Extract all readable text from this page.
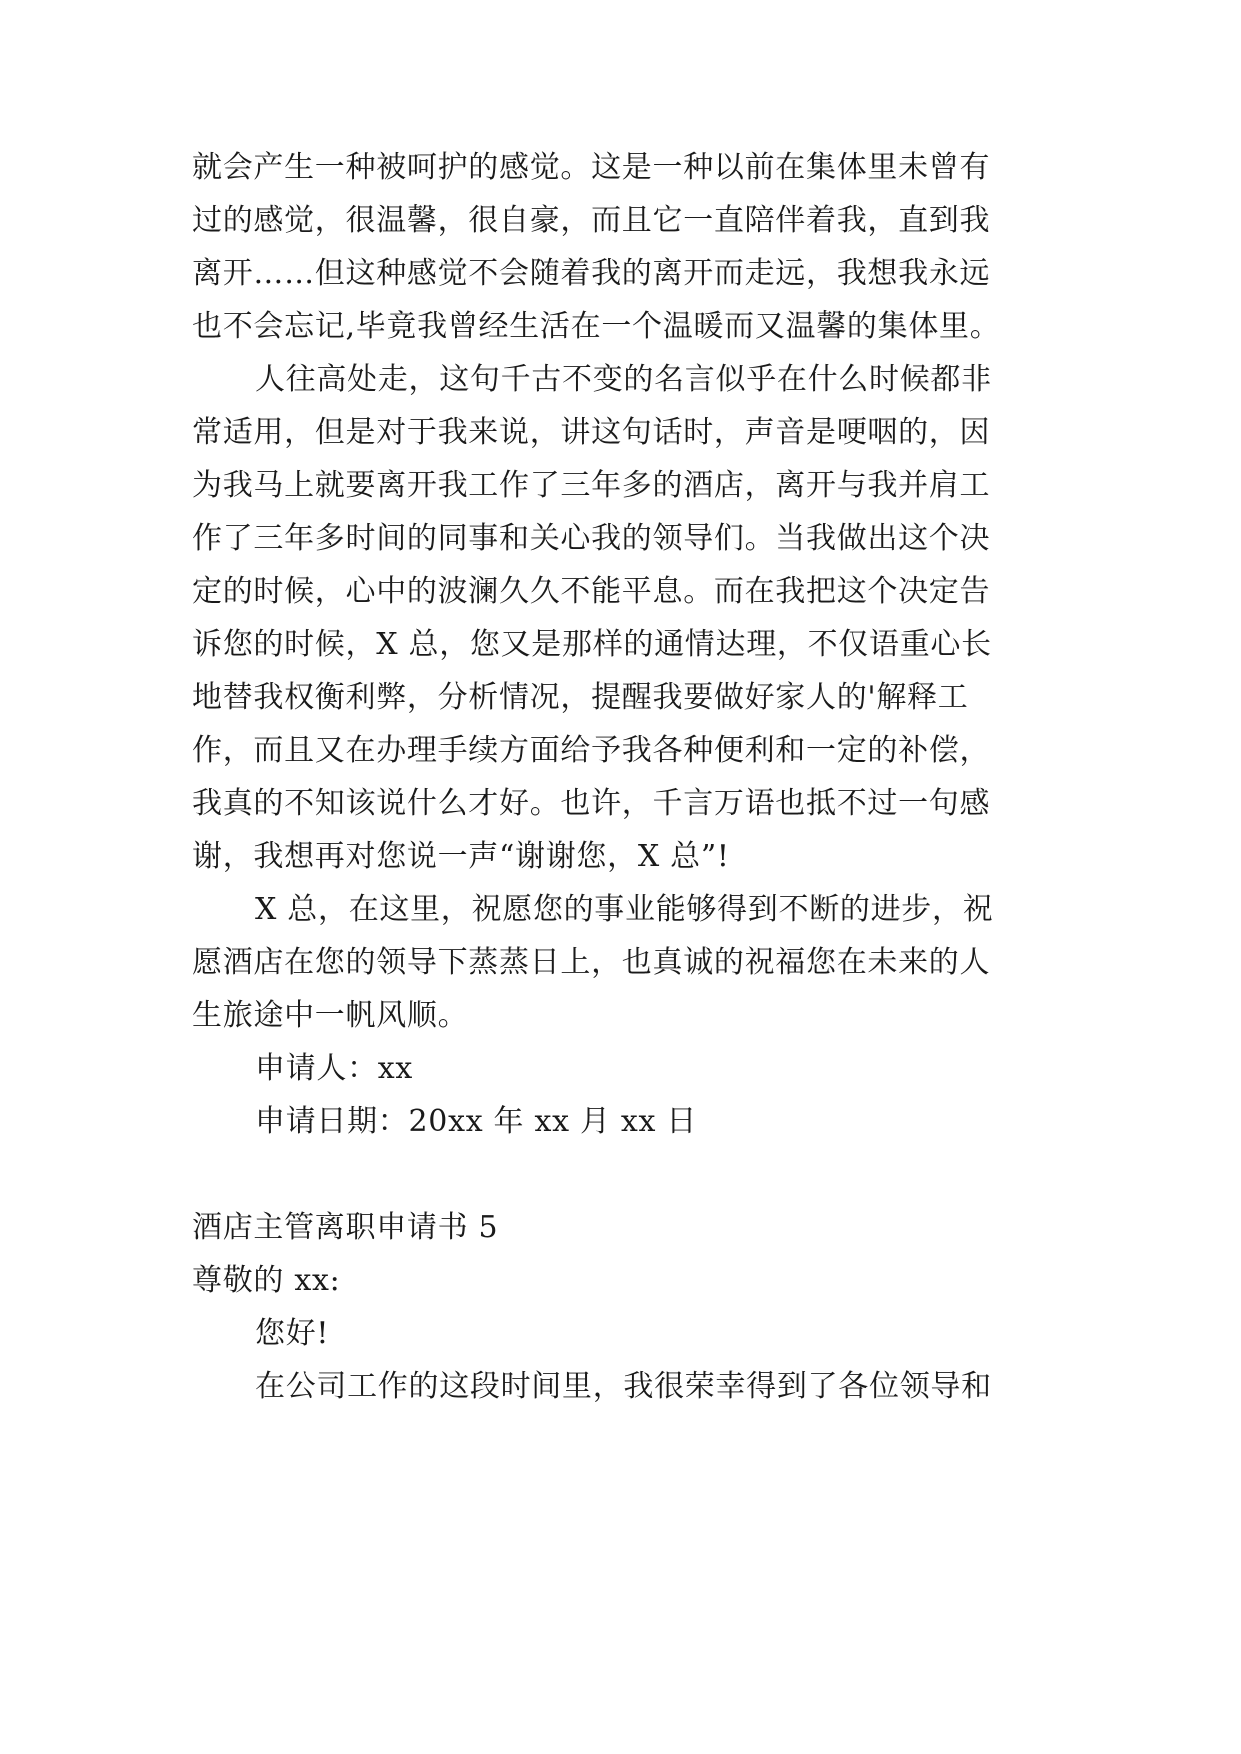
就会产生一种被呵护的感觉。这是一种以前在集体里未曾有
过的感觉，很温馨，很自豪，而且它一直陪伴着我，直到我
离开……但这种感觉不会随着我的离开而走远，我想我永远
也不会忘记,毕竟我曾经生活在一个温暖而又温馨的集体里。
人往高处走，这句千古不变的名言似乎在什么时候都非
常适用，但是对于我来说，讲这句话时，声音是哽咽的，因
为我马上就要离开我工作了三年多的酒店，离开与我并肩工
作了三年多时间的同事和关心我的领导们。当我做出这个决
定的时候，心中的波澜久久不能平息。而在我把这个决定告
诉您的时候，X 总，您又是那样的通情达理，不仅语重心长
地替我权衡利弊，分析情况，提醒我要做好家人的'解释工
作，而且又在办理手续方面给予我各种便利和一定的补偿，
我真的不知该说什么才好。也许，千言万语也抵不过一句感
谢，我想再对您说一声“谢谢您，X 总”!
X 总，在这里，祝愿您的事业能够得到不断的进步，祝
愿酒店在您的领导下蒸蒸日上，也真诚的祝福您在未来的人
生旅途中一帆风顺。
申请人：xx
申请日期：20xx 年 xx 月 xx 日
酒店主管离职申请书 5
尊敬的 xx:
您好!
在公司工作的这段时间里，我很荣幸得到了各位领导和
